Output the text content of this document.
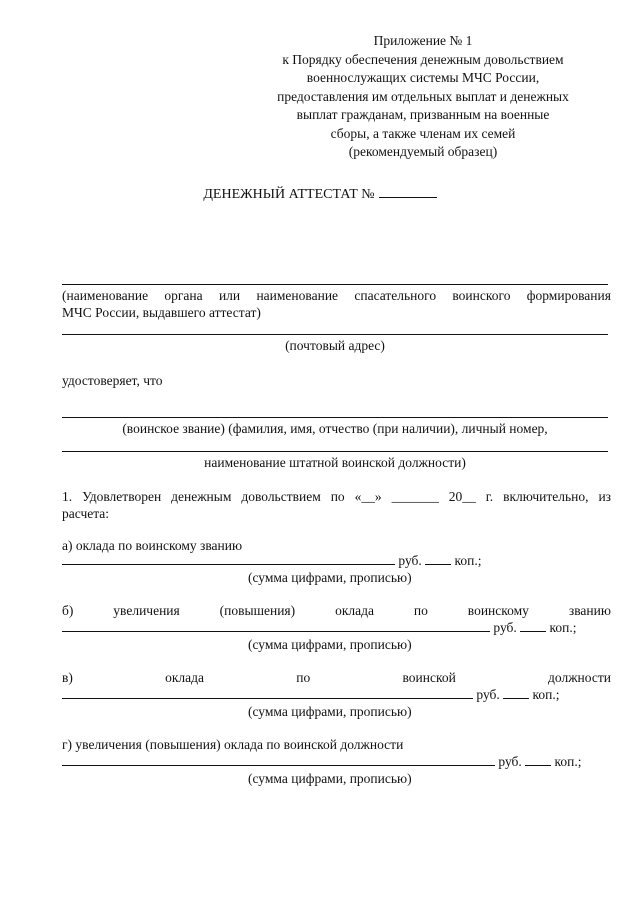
Приложение № 1
к Порядку обеспечения денежным довольствием
военнослужащих системы МЧС России,
предоставления им отдельных выплат и денежных
выплат гражданам, призванным на военные
сборы, а также членам их семей
(рекомендуемый образец)
ДЕНЕЖНЫЙ АТТЕСТАТ №
(наименование органа или наименование спасательного воинского формирования
МЧС России, выдавшего аттестат)
(почтовый адрес)
удостоверяет, что
(воинское звание) (фамилия, имя, отчество (при наличии), личный номер,
наименование штатной воинской должности)
1. Удовлетворен денежным довольствием по «__» _______ 20__ г. включительно, из
расчета:
а) оклада по воинскому званию
руб. коп.;
(сумма цифрами, прописью)
б)	увеличения	(повышения)	оклада	по	воинскому	званию
руб. коп.;
(сумма цифрами, прописью)
в)	оклада	по	воинской	должности
руб. коп.;
(сумма цифрами, прописью)
г) увеличения (повышения) оклада по воинской должности
руб. коп.;
(сумма цифрами, прописью)
